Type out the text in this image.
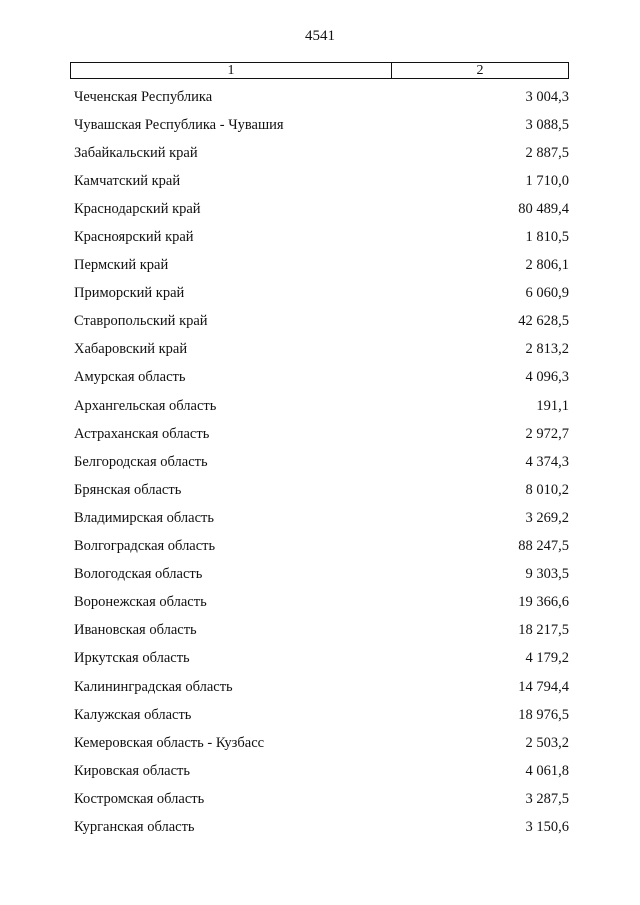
4541
1	2
Чеченская Республика	3 004,3
Чувашская Республика - Чувашия	3 088,5
Забайкальский край	2 887,5
Камчатский край	1 710,0
Краснодарский край	80 489,4
Красноярский край	1 810,5
Пермский край	2 806,1
Приморский край	6 060,9
Ставропольский край	42 628,5
Хабаровский край	2 813,2
Амурская область	4 096,3
Архангельская область	191,1
Астраханская область	2 972,7
Белгородская область	4 374,3
Брянская область	8 010,2
Владимирская область	3 269,2
Волгоградская область	88 247,5
Вологодская область	9 303,5
Воронежская область	19 366,6
Ивановская область	18 217,5
Иркутская область	4 179,2
Калининградская область	14 794,4
Калужская область	18 976,5
Кемеровская область - Кузбасс	2 503,2
Кировская область	4 061,8
Костромская область	3 287,5
Курганская область	3 150,6
